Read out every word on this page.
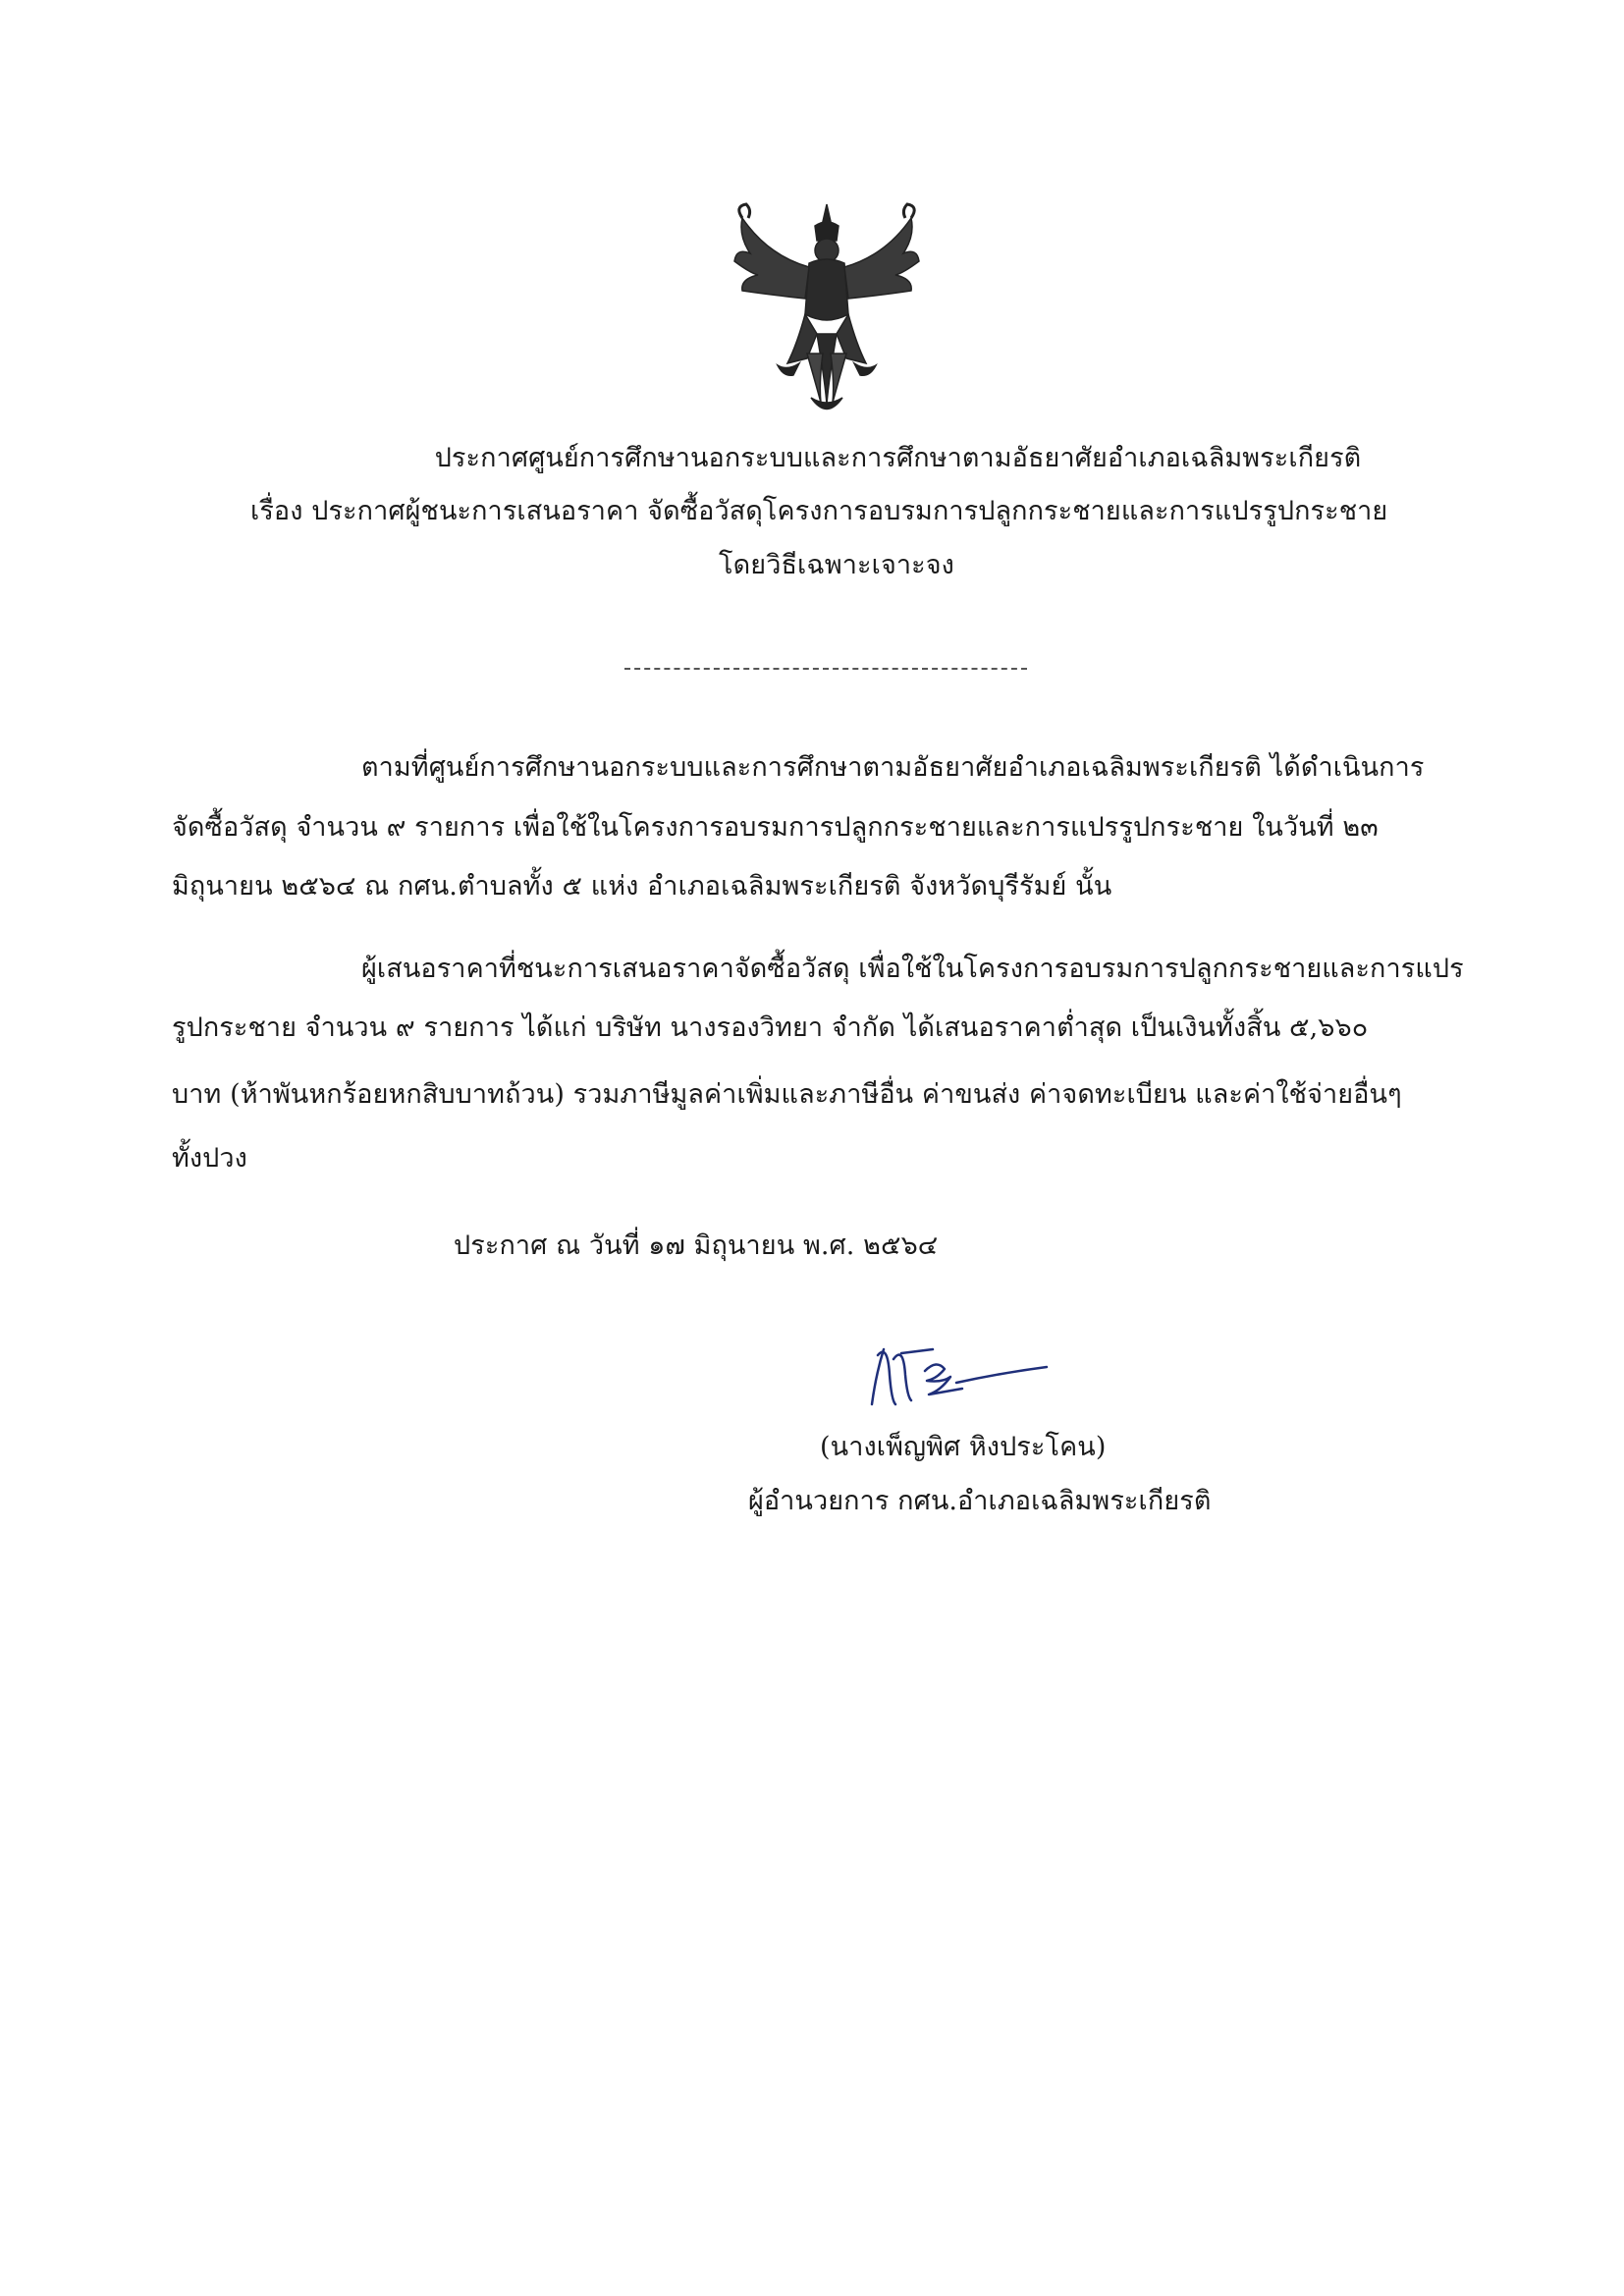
ประกาศศูนย์การศึกษานอกระบบและการศึกษาตามอัธยาศัยอำเภอเฉลิมพระเกียรติ
เรื่อง ประกาศผู้ชนะการเสนอราคา จัดซื้อวัสดุโครงการอบรมการปลูกกระชายและการแปรรูปกระชาย
โดยวิธีเฉพาะเจาะจง
ตามที่ศูนย์การศึกษานอกระบบและการศึกษาตามอัธยาศัยอำเภอเฉลิมพระเกียรติ ได้ดำเนินการ
จัดซื้อวัสดุ จำนวน ๙ รายการ เพื่อใช้ในโครงการอบรมการปลูกกระชายและการแปรรูปกระชาย ในวันที่ ๒๓
มิถุนายน ๒๕๖๔ ณ กศน.ตำบลทั้ง ๕ แห่ง อำเภอเฉลิมพระเกียรติ จังหวัดบุรีรัมย์ นั้น
ผู้เสนอราคาที่ชนะการเสนอราคาจัดซื้อวัสดุ เพื่อใช้ในโครงการอบรมการปลูกกระชายและการแปร
รูปกระชาย จำนวน ๙ รายการ ได้แก่ บริษัท นางรองวิทยา จำกัด ได้เสนอราคาต่ำสุด เป็นเงินทั้งสิ้น ๕,๖๖๐
บาท (ห้าพันหกร้อยหกสิบบาทถ้วน) รวมภาษีมูลค่าเพิ่มและภาษีอื่น ค่าขนส่ง ค่าจดทะเบียน และค่าใช้จ่ายอื่นๆ
ทั้งปวง
ประกาศ ณ วันที่ ๑๗ มิถุนายน พ.ศ. ๒๕๖๔
(นางเพ็ญพิศ หิงประโคน)
ผู้อำนวยการ กศน.อำเภอเฉลิมพระเกียรติ
